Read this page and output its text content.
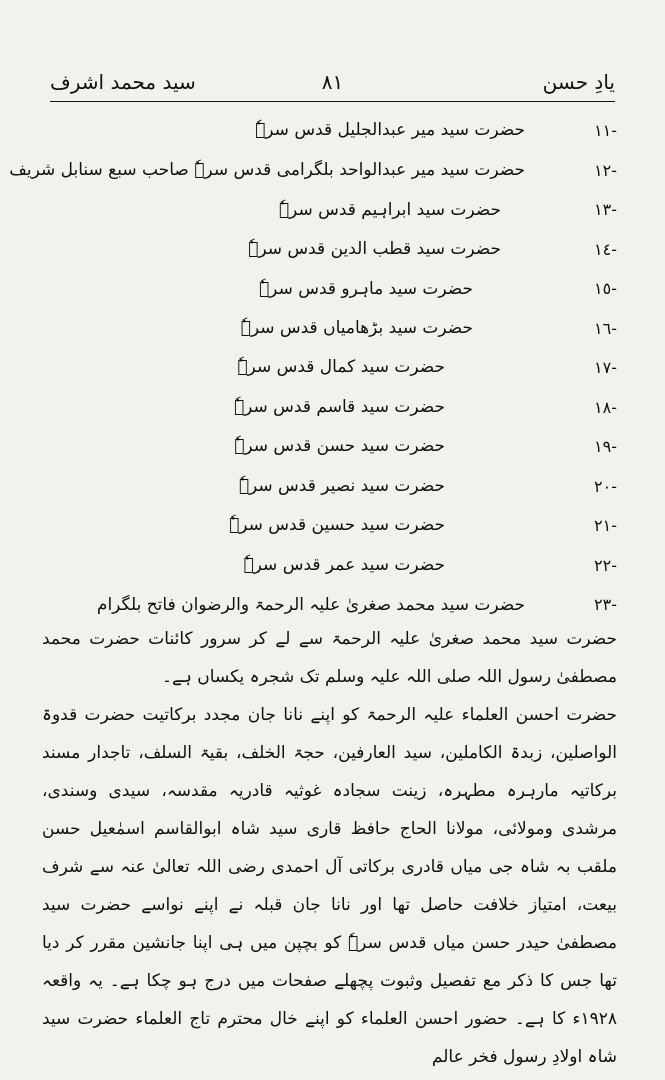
یادِ حسن
٨١
سید محمد اشرف
١١-
حضرت سید میر عبدالجلیل قدس سرہٗ
١٢-
حضرت سید میر عبدالواحد بلگرامی قدس سرہٗ صاحب سبع سنابل شریف
١٣-
حضرت سید ابراہیم قدس سرہٗ
١٤-
حضرت سید قطب الدین قدس سرہٗ
١٥-
حضرت سید ماہرو قدس سرہٗ
١٦-
حضرت سید بڑھامیاں قدس سرہٗ
١٧-
حضرت سید کمال قدس سرہٗ
١٨-
حضرت سید قاسم قدس سرہٗ
١٩-
حضرت سید حسن قدس سرہٗ
٢٠-
حضرت سید نصیر قدس سرہٗ
٢١-
حضرت سید حسین قدس سرہٗ
٢٢-
حضرت سید عمر قدس سرہٗ
٢٣-
حضرت سید محمد صغریٰ علیہ الرحمۃ والرضوان فاتح بلگرام

حضرت سید محمد صغریٰ علیہ الرحمۃ سے لے کر سرور کائنات حضرت محمد مصطفیٰ رسول اللہ صلی اللہ علیہ وسلم تک شجرہ یکساں ہے۔

حضرت احسن العلماء علیہ الرحمۃ کو اپنے نانا جان مجدد برکاتیت حضرت قدوۃ الواصلین، زبدۃ الکاملین، سید العارفین، حجۃ الخلف، بقیۃ السلف، تاجدار مسند برکاتیہ مارہرہ مطہرہ، زینت سجادہ غوثیہ قادریہ مقدسہ، سیدی وسندی، مرشدی ومولائی، مولانا الحاج حافظ قاری سید شاہ ابوالقاسم اسمٰعیل حسن ملقب بہ شاہ جی میاں قادری برکاتی آل احمدی رضی اللہ تعالیٰ عنہ سے شرف بیعت، امتیاز خلافت حاصل تھا اور نانا جان قبلہ نے اپنے نواسے حضرت سید مصطفیٰ حیدر حسن میاں قدس سرہٗ کو بچپن میں ہی اپنا جانشین مقرر کر دیا تھا جس کا ذکر مع تفصیل وثبوت پچھلے صفحات میں درج ہو چکا ہے۔ یہ واقعہ ١٩٢٨ء کا ہے۔ حضور احسن العلماء کو اپنے خال محترم تاج العلماء حضرت سید شاہ اولادِ رسول فخر عالم
